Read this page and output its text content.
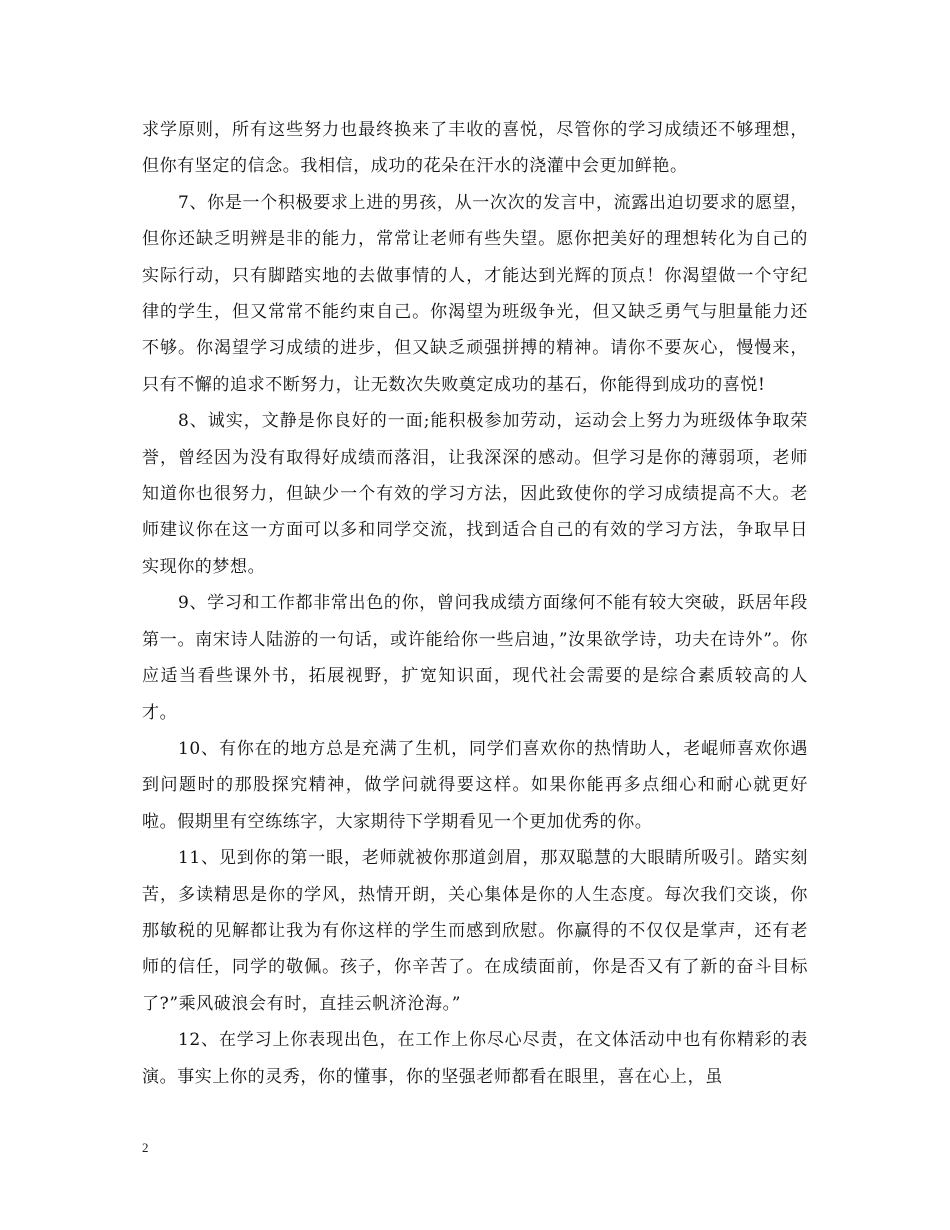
求学原则，所有这些努力也最终换来了丰收的喜悦，尽管你的学习成绩还不够理想，但你有坚定的信念。我相信，成功的花朵在汗水的浇灌中会更加鲜艳。

7、你是一个积极要求上进的男孩，从一次次的发言中，流露出迫切要求的愿望，但你还缺乏明辨是非的能力，常常让老师有些失望。愿你把美好的理想转化为自己的实际行动，只有脚踏实地的去做事情的人，才能达到光辉的顶点！你渴望做一个守纪律的学生，但又常常不能约束自己。你渴望为班级争光，但又缺乏勇气与胆量能力还不够。你渴望学习成绩的进步，但又缺乏顽强拼搏的精神。请你不要灰心，慢慢来，只有不懈的追求不断努力，让无数次失败奠定成功的基石，你能得到成功的喜悦!

8、诚实，文静是你良好的一面;能积极参加劳动，运动会上努力为班级体争取荣誉，曾经因为没有取得好成绩而落泪，让我深深的感动。但学习是你的薄弱项，老师知道你也很努力，但缺少一个有效的学习方法，因此致使你的学习成绩提高不大。老师建议你在这一方面可以多和同学交流，找到适合自己的有效的学习方法，争取早日实现你的梦想。

9、学习和工作都非常出色的你，曾问我成绩方面缘何不能有较大突破，跃居年段第一。南宋诗人陆游的一句话，或许能给你一些启迪，”汝果欲学诗，功夫在诗外”。你应适当看些课外书，拓展视野，扩宽知识面，现代社会需要的是综合素质较高的人才。

10、有你在的地方总是充满了生机，同学们喜欢你的热情助人，老崐师喜欢你遇到问题时的那股探究精神，做学问就得要这样。如果你能再多点细心和耐心就更好啦。假期里有空练练字，大家期待下学期看见一个更加优秀的你。

11、见到你的第一眼，老师就被你那道剑眉，那双聪慧的大眼睛所吸引。踏实刻苦，多读精思是你的学风，热情开朗，关心集体是你的人生态度。每次我们交谈，你那敏税的见解都让我为有你这样的学生而感到欣慰。你赢得的不仅仅是掌声，还有老师的信任，同学的敬佩。孩子，你辛苦了。在成绩面前，你是否又有了新的奋斗目标了?”乘风破浪会有时，直挂云帆济沧海。”

12、在学习上你表现出色，在工作上你尽心尽责，在文体活动中也有你精彩的表演。事实上你的灵秀，你的懂事，你的坚强老师都看在眼里，喜在心上，虽

2
